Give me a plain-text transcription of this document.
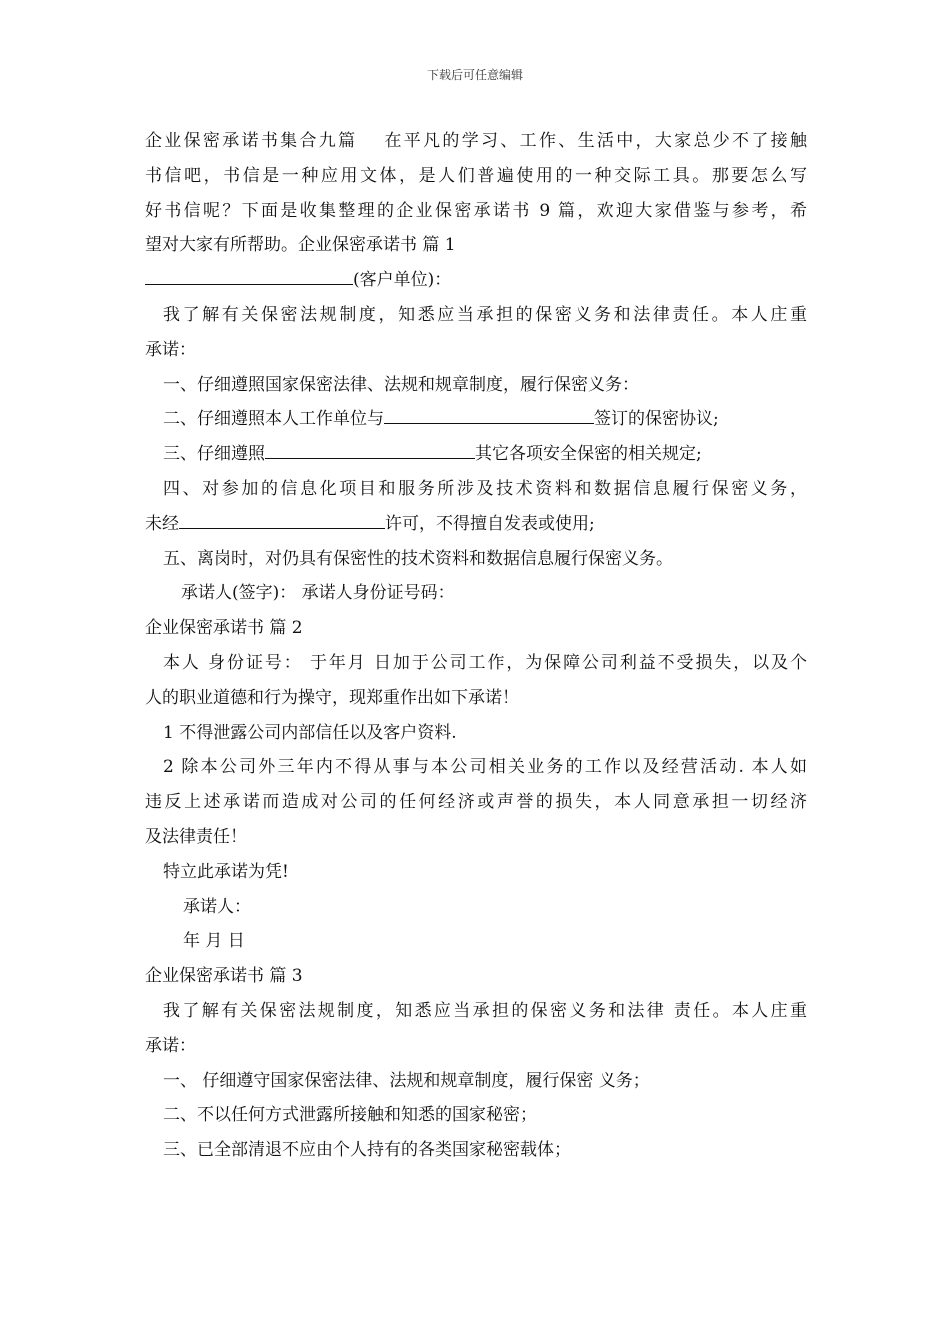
下载后可任意编辑
企业保密承诺书集合九篇　 在平凡的学习、工作、生活中，大家总少不了接触
书信吧，书信是一种应用文体，是人们普遍使用的一种交际工具。那要怎么写
好书信呢？下面是收集整理的企业保密承诺书 9 篇，欢迎大家借鉴与参考，希
望对大家有所帮助。企业保密承诺书 篇 1
(客户单位)：
我了解有关保密法规制度，知悉应当承担的保密义务和法律责任。本人庄重
承诺：
一、仔细遵照国家保密法律、法规和规章制度，履行保密义务：
二、仔细遵照本人工作单位与	签订的保密协议;
三、仔细遵照	其它各项安全保密的相关规定;
四、对参加的信息化项目和服务所涉及技术资料和数据信息履行保密义务，
未经	许可，不得擅自发表或使用;
五、离岗时，对仍具有保密性的技术资料和数据信息履行保密义务。
承诺人(签字)： 承诺人身份证号码：
企业保密承诺书 篇 2
本人 身份证号： 于年月 日加于公司工作，为保障公司利益不受损失，以及个
人的职业道德和行为操守，现郑重作出如下承诺！
1 不得泄露公司内部信任以及客户资料.
2 除本公司外三年内不得从事与本公司相关业务的工作以及经营活动. 本人如
违反上述承诺而造成对公司的任何经济或声誉的损失，本人同意承担一切经济
及法律责任！
特立此承诺为凭!
承诺人：
年 月 日
企业保密承诺书 篇 3
我了解有关保密法规制度，知悉应当承担的保密义务和法律 责任。本人庄重
承诺：
一、 仔细遵守国家保密法律、法规和规章制度，履行保密 义务；
二、不以任何方式泄露所接触和知悉的国家秘密；
三、已全部清退不应由个人持有的各类国家秘密载体；
